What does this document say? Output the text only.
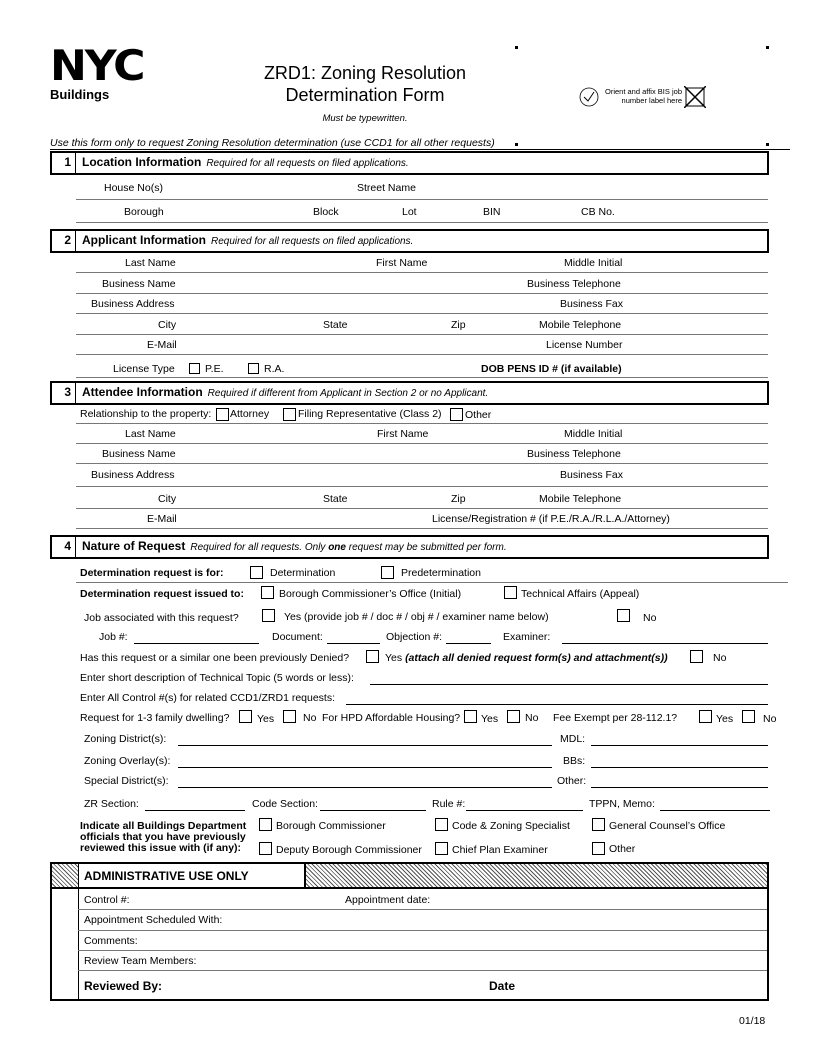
NYC
Buildings
ZRD1: Zoning Resolution
Determination Form
Must be typewritten.
Orient and affix BIS job number label here
Use this form only to request Zoning Resolution determination (use CCD1 for all other requests)
1 Location Information Required for all requests on filed applications.
House No(s)	Street Name
Borough	Block	Lot	BIN	CB No.
2 Applicant Information Required for all requests on filed applications.
Last Name	First Name	Middle Initial
Business Name	Business Telephone
Business Address	Business Fax
City	State	Zip	Mobile Telephone
E-Mail	License Number
License Type	P.E.	R.A.	DOB PENS ID # (if available)
3 Attendee Information Required if different from Applicant in Section 2 or no Applicant.
Relationship to the property: Attorney	Filing Representative (Class 2) Other
Last Name	First Name	Middle Initial
Business Name	Business Telephone
Business Address	Business Fax
City	State	Zip	Mobile Telephone
E-Mail	License/Registration # (if P.E./R.A./R.L.A./Attorney)
4 Nature of Request Required for all requests. Only one request may be submitted per form.
Determination request is for:	Determination	Predetermination
Determination request issued to:	Borough Commissioner’s Office (Initial)	Technical Affairs (Appeal)
Job associated with this request?	Yes (provide job # / doc # / obj # / examiner name below)	No
Job #:	Document:	Objection #:	Examiner:
Has this request or a similar one been previously Denied?	Yes (attach all denied request form(s) and attachment(s))	No
Enter short description of Technical Topic (5 words or less):
Enter All Control #(s) for related CCD1/ZRD1 requests:
Request for 1-3 family dwelling?	Yes	No For HPD Affordable Housing? Yes	No Fee Exempt per 28-112.1?	Yes	No
Zoning District(s):	MDL:
Zoning Overlay(s):	BBs:
Special District(s):	Other:
ZR Section:	Code Section:	Rule #:	TPPN, Memo:
Indicate all Buildings Department
officials that you have previously
reviewed this issue with (if any):
Borough Commissioner	Code & Zoning Specialist	General Counsel’s Office
Deputy Borough Commissioner	Chief Plan Examiner	Other
ADMINISTRATIVE USE ONLY
Control #:	Appointment date:
Appointment Scheduled With:
Comments:
Review Team Members:
Reviewed By:	Date
01/18
